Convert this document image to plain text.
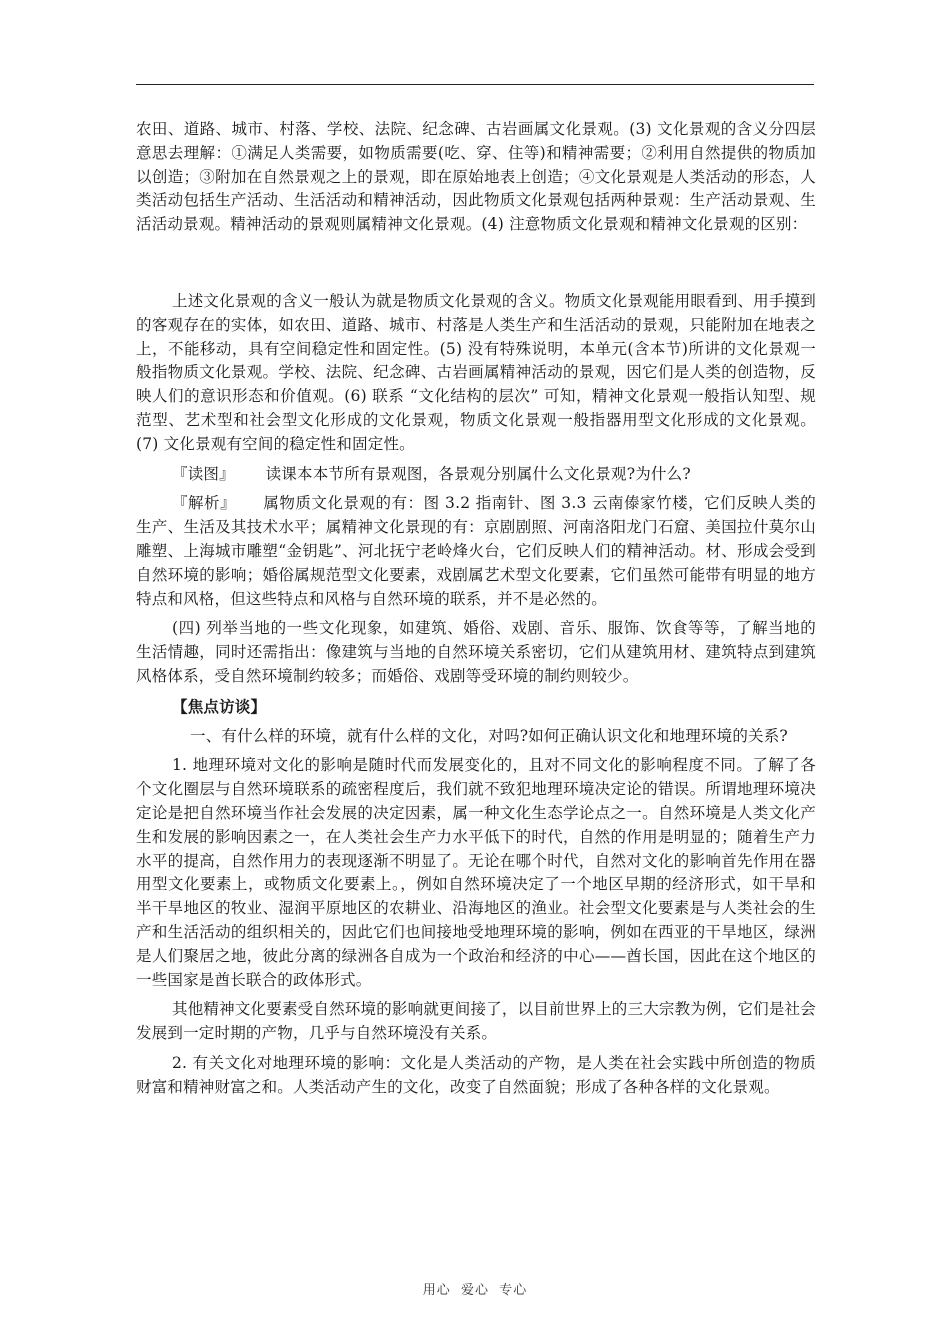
农田、道路、城市、村落、学校、法院、纪念碑、古岩画属文化景观。(3) 文化景观的含义分四层意思去理解：①满足人类需要，如物质需要(吃、穿、住等)和精神需要；②利用自然提供的物质加以创造；③附加在自然景观之上的景观，即在原始地表上创造；④文化景观是人类活动的形态，人类活动包括生产活动、生活活动和精神活动，因此物质文化景观包括两种景观：生产活动景观、生活活动景观。精神活动的景观则属精神文化景观。(4) 注意物质文化景观和精神文化景观的区别：

上述文化景观的含义一般认为就是物质文化景观的含义。物质文化景观能用眼看到、用手摸到的客观存在的实体，如农田、道路、城市、村落是人类生产和生活活动的景观，只能附加在地表之上，不能移动，具有空间稳定性和固定性。(5) 没有特殊说明，本单元(含本节)所讲的文化景观一般指物质文化景观。学校、法院、纪念碑、古岩画属精神活动的景观，因它们是人类的创造物，反映人们的意识形态和价值观。(6) 联系 “文化结构的层次” 可知，精神文化景观一般指认知型、规范型、艺术型和社会型文化形成的文化景观，物质文化景观一般指器用型文化形成的文化景观。(7) 文化景观有空间的稳定性和固定性。

『读图』 读课本本节所有景观图，各景观分别属什么文化景观?为什么?

『解析』 属物质文化景观的有：图 3.2 指南针、图 3.3 云南傣家竹楼，它们反映人类的生产、生活及其技术水平；属精神文化景现的有：京剧剧照、河南洛阳龙门石窟、美国拉什莫尔山雕塑、上海城市雕塑“金钥匙”、河北抚宁老岭烽火台，它们反映人们的精神活动。材、形成会受到自然环境的影响；婚俗属规范型文化要素，戏剧属艺术型文化要素，它们虽然可能带有明显的地方特点和风格，但这些特点和风格与自然环境的联系，并不是必然的。

(四) 列举当地的一些文化现象，如建筑、婚俗、戏剧、音乐、服饰、饮食等等，了解当地的生活情趣，同时还需指出：像建筑与当地的自然环境关系密切，它们从建筑用材、建筑特点到建筑风格体系，受自然环境制约较多；而婚俗、戏剧等受环境的制约则较少。

【焦点访谈】

一、有什么样的环境，就有什么样的文化，对吗?如何正确认识文化和地理环境的关系?

1. 地理环境对文化的影响是随时代而发展变化的，且对不同文化的影响程度不同。了解了各个文化圈层与自然环境联系的疏密程度后，我们就不致犯地理环境决定论的错误。所谓地理环境决定论是把自然环境当作社会发展的决定因素，属一种文化生态学论点之一。自然环境是人类文化产生和发展的影响因素之一，在人类社会生产力水平低下的时代，自然的作用是明显的；随着生产力水平的提高，自然作用力的表现逐渐不明显了。无论在哪个时代，自然对文化的影响首先作用在器用型文化要素上，或物质文化要素上。，例如自然环境决定了一个地区早期的经济形式，如干旱和半干旱地区的牧业、湿润平原地区的农耕业、沿海地区的渔业。社会型文化要素是与人类社会的生产和生活活动的组织相关的，因此它们也间接地受地理环境的影响，例如在西亚的干旱地区，绿洲是人们聚居之地，彼此分离的绿洲各自成为一个政治和经济的中心——酋长国，因此在这个地区的一些国家是酋长联合的政体形式。

其他精神文化要素受自然环境的影响就更间接了，以目前世界上的三大宗教为例，它们是社会发展到一定时期的产物，几乎与自然环境没有关系。

2. 有关文化对地理环境的影响：文化是人类活动的产物，是人类在社会实践中所创造的物质财富和精神财富之和。人类活动产生的文化，改变了自然面貌；形成了各种各样的文化景观。

用心  爱心  专心
